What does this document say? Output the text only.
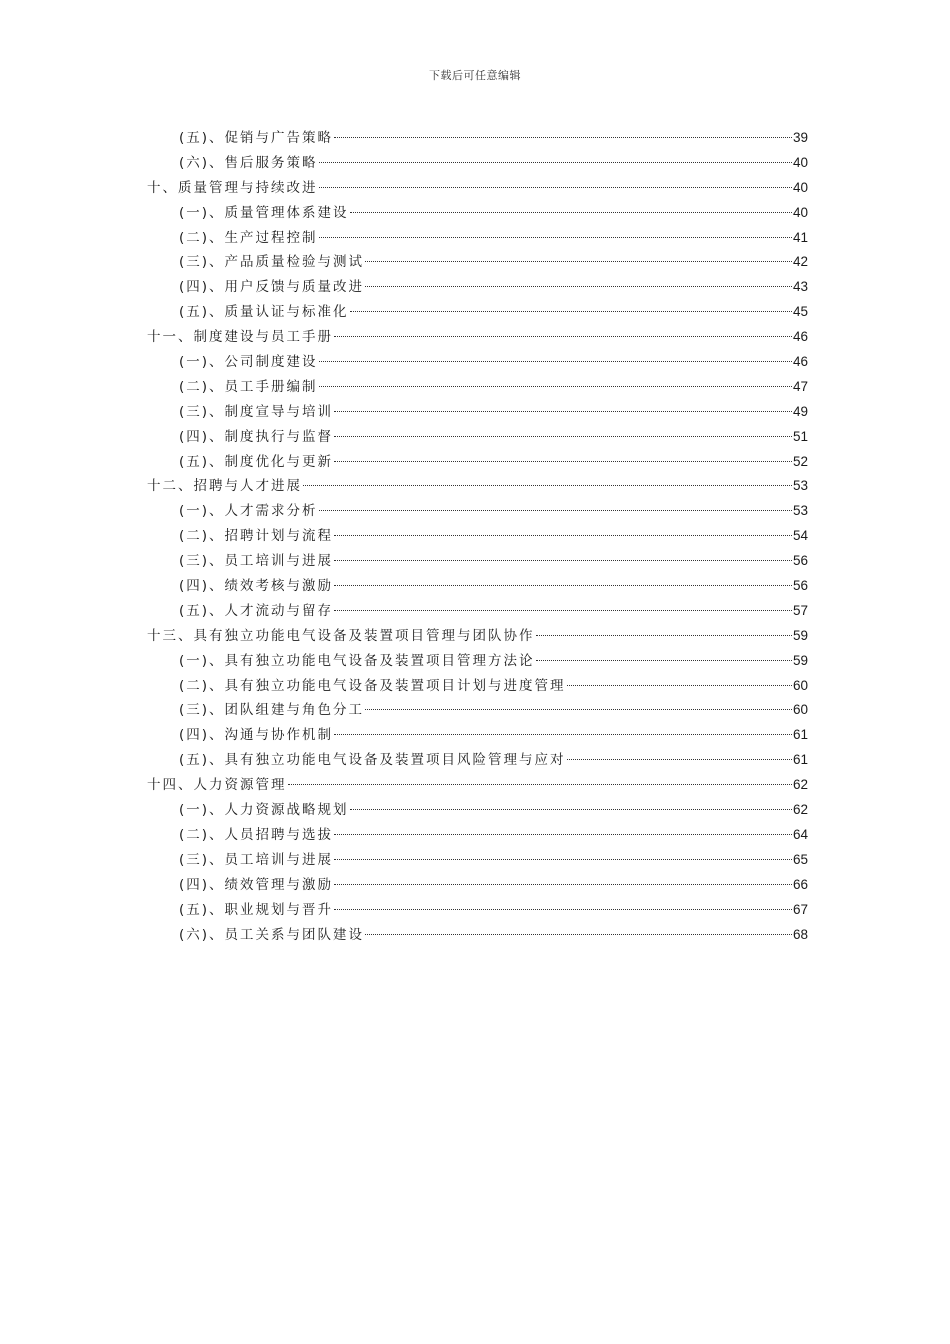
下载后可任意编辑
(五)、促销与广告策略	39
(六)、售后服务策略	40
十、质量管理与持续改进	40
(一)、质量管理体系建设	40
(二)、生产过程控制	41
(三)、产品质量检验与测试	42
(四)、用户反馈与质量改进	43
(五)、质量认证与标准化	45
十一、制度建设与员工手册	46
(一)、公司制度建设	46
(二)、员工手册编制	47
(三)、制度宣导与培训	49
(四)、制度执行与监督	51
(五)、制度优化与更新	52
十二、招聘与人才进展	53
(一)、人才需求分析	53
(二)、招聘计划与流程	54
(三)、员工培训与进展	56
(四)、绩效考核与激励	56
(五)、人才流动与留存	57
十三、具有独立功能电气设备及装置项目管理与团队协作	59
(一)、具有独立功能电气设备及装置项目管理方法论	59
(二)、具有独立功能电气设备及装置项目计划与进度管理	60
(三)、团队组建与角色分工	60
(四)、沟通与协作机制	61
(五)、具有独立功能电气设备及装置项目风险管理与应对	61
十四、人力资源管理	62
(一)、人力资源战略规划	62
(二)、人员招聘与选拔	64
(三)、员工培训与进展	65
(四)、绩效管理与激励	66
(五)、职业规划与晋升	67
(六)、员工关系与团队建设	68
